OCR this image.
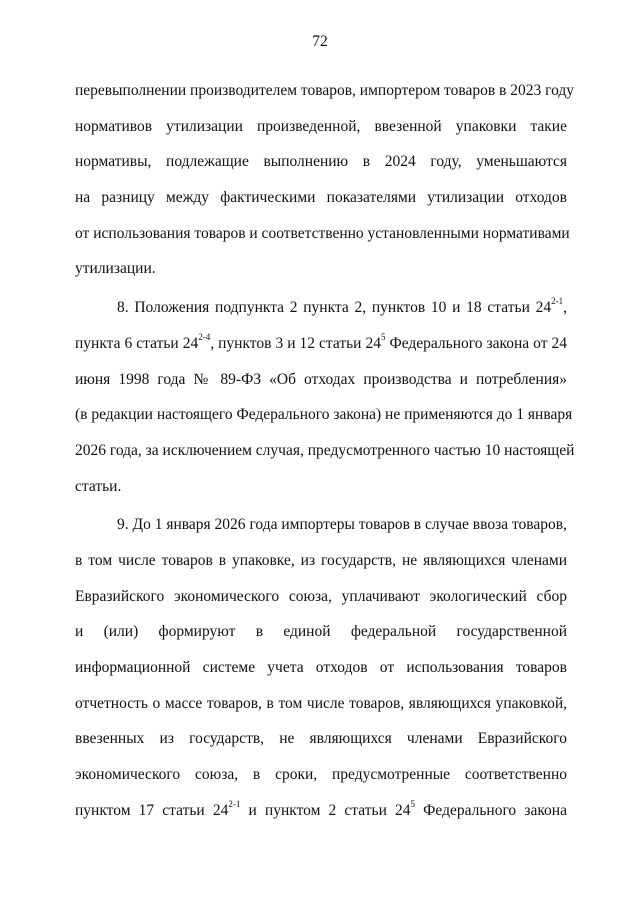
72
перевыполнении производителем товаров, импортером товаров в 2023 году
нормативов утилизации произведенной, ввезенной упаковки такие
нормативы, подлежащие выполнению в 2024 году, уменьшаются
на разницу между фактическими показателями утилизации отходов
от использования товаров и соответственно установленными нормативами
утилизации.
8. Положения подпункта 2 пункта 2, пунктов 10 и 18 статьи 24$^{2-1}$,
пункта 6 статьи 24$^{2-4}$, пунктов 3 и 12 статьи $24^5$ Федерального закона от 24
июня 1998 года № 89-ФЗ «Об отходах производства и потребления»
(в редакции настоящего Федерального закона) не применяются до 1 января
2026 года, за исключением случая, предусмотренного частью 10 настоящей
статьи.
9. До 1 января 2026 года импортеры товаров в случае ввоза товаров,
в том числе товаров в упаковке, из государств, не являющихся членами
Евразийского экономического союза, уплачивают экологический сбор
и (или) формируют в единой федеральной государственной
информационной системе учета отходов от использования товаров
отчетность о массе товаров, в том числе товаров, являющихся упаковкой,
ввезенных из государств, не являющихся членами Евразийского
экономического союза, в сроки, предусмотренные соответственно
пунктом 17 статьи 24$^{2-1}$ и пунктом 2 статьи $24^5$ Федерального закона
